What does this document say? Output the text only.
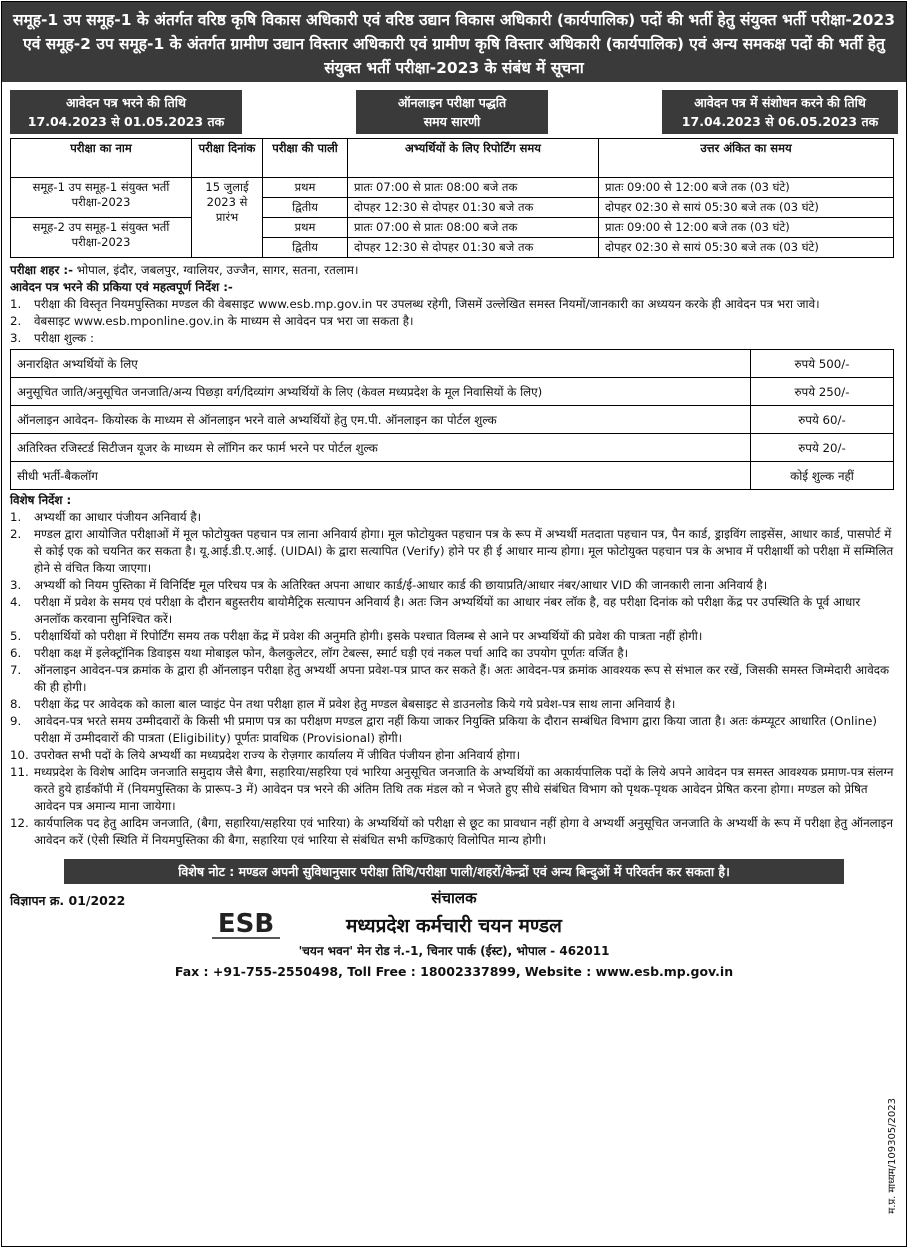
समूह-1 उप समूह-1 के अंतर्गत वरिष्ठ कृषि विकास अधिकारी एवं वरिष्ठ उद्यान विकास अधिकारी (कार्यपालिक) पदों की भर्ती हेतु संयुक्त भर्ती परीक्षा-2023 एवं समूह-2 उप समूह-1 के अंतर्गत ग्रामीण उद्यान विस्तार अधिकारी एवं ग्रामीण कृषि विस्तार अधिकारी (कार्यपालिक) एवं अन्य समकक्ष पदों की भर्ती हेतु संयुक्त भर्ती परीक्षा-2023 के संबंध में सूचना
आवेदन पत्र भरने की तिथि
17.04.2023 से 01.05.2023 तक
ऑनलाइन परीक्षा पद्धति
समय सारणी
आवेदन पत्र में संशोधन करने की तिथि
17.04.2023 से 06.05.2023 तक
परीक्षा का नाम	परीक्षा दिनांक	परीक्षा की पाली	अभ्यर्थियों के लिए रिपोर्टिंग समय	उत्तर अंकित का समय
समूह-1 उप समूह-1 संयुक्त भर्ती परीक्षा-2023	15 जुलाई 2023 से प्रारंभ	प्रथम	प्रातः 07:00 से प्रातः 08:00 बजे तक	प्रातः 09:00 से 12:00 बजे तक (03 घंटे)
		द्वितीय	दोपहर 12:30 से दोपहर 01:30 बजे तक	दोपहर 02:30 से सायं 05:30 बजे तक (03 घंटे)
समूह-2 उप समूह-1 संयुक्त भर्ती परीक्षा-2023		प्रथम	प्रातः 07:00 से प्रातः 08:00 बजे तक	प्रातः 09:00 से 12:00 बजे तक (03 घंटे)
		द्वितीय	दोपहर 12:30 से दोपहर 01:30 बजे तक	दोपहर 02:30 से सायं 05:30 बजे तक (03 घंटे)
परीक्षा शहर :- भोपाल, इंदौर, जबलपुर, ग्वालियर, उज्जैन, सागर, सतना, रतलाम।
आवेदन पत्र भरने की प्रकिया एवं महत्वपूर्ण निर्देश :-
1.	परीक्षा की विस्तृत नियमपुस्तिका मण्डल की वेबसाइट www.esb.mp.gov.in पर उपलब्ध रहेगी, जिसमें उल्लेखित समस्त नियमों/जानकारी का अध्ययन करके ही आवेदन पत्र भरा जावे।
2.	वेबसाइट www.esb.mponline.gov.in के माध्यम से आवेदन पत्र भरा जा सकता है।
3.	परीक्षा शुल्क :
अनारक्षित अभ्यर्थियों के लिए	रुपये 500/-
अनुसूचित जाति/अनुसूचित जनजाति/अन्य पिछड़ा वर्ग/दिव्यांग अभ्यर्थियों के लिए (केवल मध्यप्रदेश के मूल निवासियों के लिए)	रुपये 250/-
ऑनलाइन आवेदन- कियोस्क के माध्यम से ऑनलाइन भरने वाले अभ्यर्थियों हेतु एम.पी. ऑनलाइन का पोर्टल शुल्क	रुपये 60/-
अतिरिक्त रजिस्टर्ड सिटीजन यूजर के माध्यम से लॉगिन कर फार्म भरने पर पोर्टल शुल्क	रुपये 20/-
सीधी भर्ती-बैकलॉग	कोई शुल्क नहीं
विशेष निर्देश :
1.	अभ्यर्थी का आधार पंजीयन अनिवार्य है।
2.	मण्डल द्वारा आयोजित परीक्षाओं में मूल फोटोयुक्त पहचान पत्र लाना अनिवार्य होगा। मूल फोटोयुक्त पहचान पत्र के रूप में अभ्यर्थी मतदाता पहचान पत्र, पैन कार्ड, ड्राइविंग लाइसेंस, आधार कार्ड, पासपोर्ट में से कोई एक को चयनित कर सकता है। यू.आई.डी.ए.आई. (UIDAI) के द्वारा सत्यापित (Verify) होने पर ही ई आधार मान्य होगा। मूल फोटोयुक्त पहचान पत्र के अभाव में परीक्षार्थी को परीक्षा में सम्मिलित होने से वंचित किया जाएगा।
3.	अभ्यर्थी को नियम पुस्तिका में विनिर्दिष्ट मूल परिचय पत्र के अतिरिक्त अपना आधार कार्ड/ई-आधार कार्ड की छायाप्रति/आधार नंबर/आधार VID की जानकारी लाना अनिवार्य है।
4.	परीक्षा में प्रवेश के समय एवं परीक्षा के दौरान बहुस्तरीय बायोमैट्रिक सत्यापन अनिवार्य है। अतः जिन अभ्यर्थियों का आधार नंबर लॉक है, वह परीक्षा दिनांक को परीक्षा केंद्र पर उपस्थिति के पूर्व आधार अनलॉक करवाना सुनिश्चित करें।
5.	परीक्षार्थियों को परीक्षा में रिपोर्टिंग समय तक परीक्षा केंद्र में प्रवेश की अनुमति होगी। इसके पश्चात विलम्ब से आने पर अभ्यर्थियों की प्रवेश की पात्रता नहीं होगी।
6.	परीक्षा कक्ष में इलेक्ट्रॉनिक डिवाइस यथा मोबाइल फोन, कैलकुलेटर, लॉग टेबल्स, स्मार्ट घड़ी एवं नकल पर्चा आदि का उपयोग पूर्णतः वर्जित है।
7.	ऑनलाइन आवेदन-पत्र क्रमांक के द्वारा ही ऑनलाइन परीक्षा हेतु अभ्यर्थी अपना प्रवेश-पत्र प्राप्त कर सकते हैं। अतः आवेदन-पत्र क्रमांक आवश्यक रूप से संभाल कर रखें, जिसकी समस्त जिम्मेदारी आवेदक की ही होगी।
8.	परीक्षा केंद्र पर आवेदक को काला बाल प्वाइंट पेन तथा परीक्षा हाल में प्रवेश हेतु मण्डल बेबसाइट से डाउनलोड किये गये प्रवेश-पत्र साथ लाना अनिवार्य है।
9.	आवेदन-पत्र भरते समय उम्मीदवारों के किसी भी प्रमाण पत्र का परीक्षण मण्डल द्वारा नहीं किया जाकर नियुक्ति प्रकिया के दौरान सम्बंधित विभाग द्वारा किया जाता है। अतः कंम्प्यूटर आधारित (Online) परीक्षा में उम्मीदवारों की पात्रता (Eligibility) पूर्णतः प्रावधिक (Provisional) होगी।
10. उपरोक्त सभी पदों के लिये अभ्यर्थी का मध्यप्रदेश राज्य के रोज़गार कार्यालय में जीवित पंजीयन होना अनिवार्य होगा।
11. मध्यप्रदेश के विशेष आदिम जनजाति समुदाय जैसे बैगा, सहारिया/सहरिया एवं भारिया अनुसूचित जनजाति के अभ्यर्थियों का अकार्यपालिक पदों के लिये अपने आवेदन पत्र समस्त आवश्यक प्रमाण-पत्र संलग्न करते हुये हार्डकॉपी में (नियमपुस्तिका के प्रारूप-3 में) आवेदन पत्र भरने की अंतिम तिथि तक मंडल को न भेजते हुए सीधे संबंधित विभाग को पृथक-पृथक आवेदन प्रेषित करना होगा। मण्डल को प्रेषित आवेदन पत्र अमान्य माना जायेगा।
12. कार्यपालिक पद हेतु आदिम जनजाति, (बैगा, सहारिया/सहरिया एवं भारिया) के अभ्यर्थियों को परीक्षा से छूट का प्रावधान नहीं होगा वे अभ्यर्थी अनुसूचित जनजाति के अभ्यर्थी के रूप में परीक्षा हेतु ऑनलाइन आवेदन करें (ऐसी स्थिति में नियमपुस्तिका की बैगा, सहारिया एवं भारिया से संबंधित सभी कण्डिकाएं विलोपित मान्य होगी।
विशेष नोट : मण्डल अपनी सुविधानुसार परीक्षा तिथि/परीक्षा पाली/शहरों/केन्द्रों एवं अन्य बिन्दुओं में परिवर्तन कर सकता है।
विज्ञापन क्र. 01/2022
ESB
संचालक
मध्यप्रदेश कर्मचारी चयन मण्डल
'चयन भवन' मेन रोड नं.-1, चिनार पार्क (ईस्ट), भोपाल - 462011
Fax : +91-755-2550498, Toll Free : 18002337899, Website : www.esb.mp.gov.in
म.प्र. माध्यम/109305/2023
